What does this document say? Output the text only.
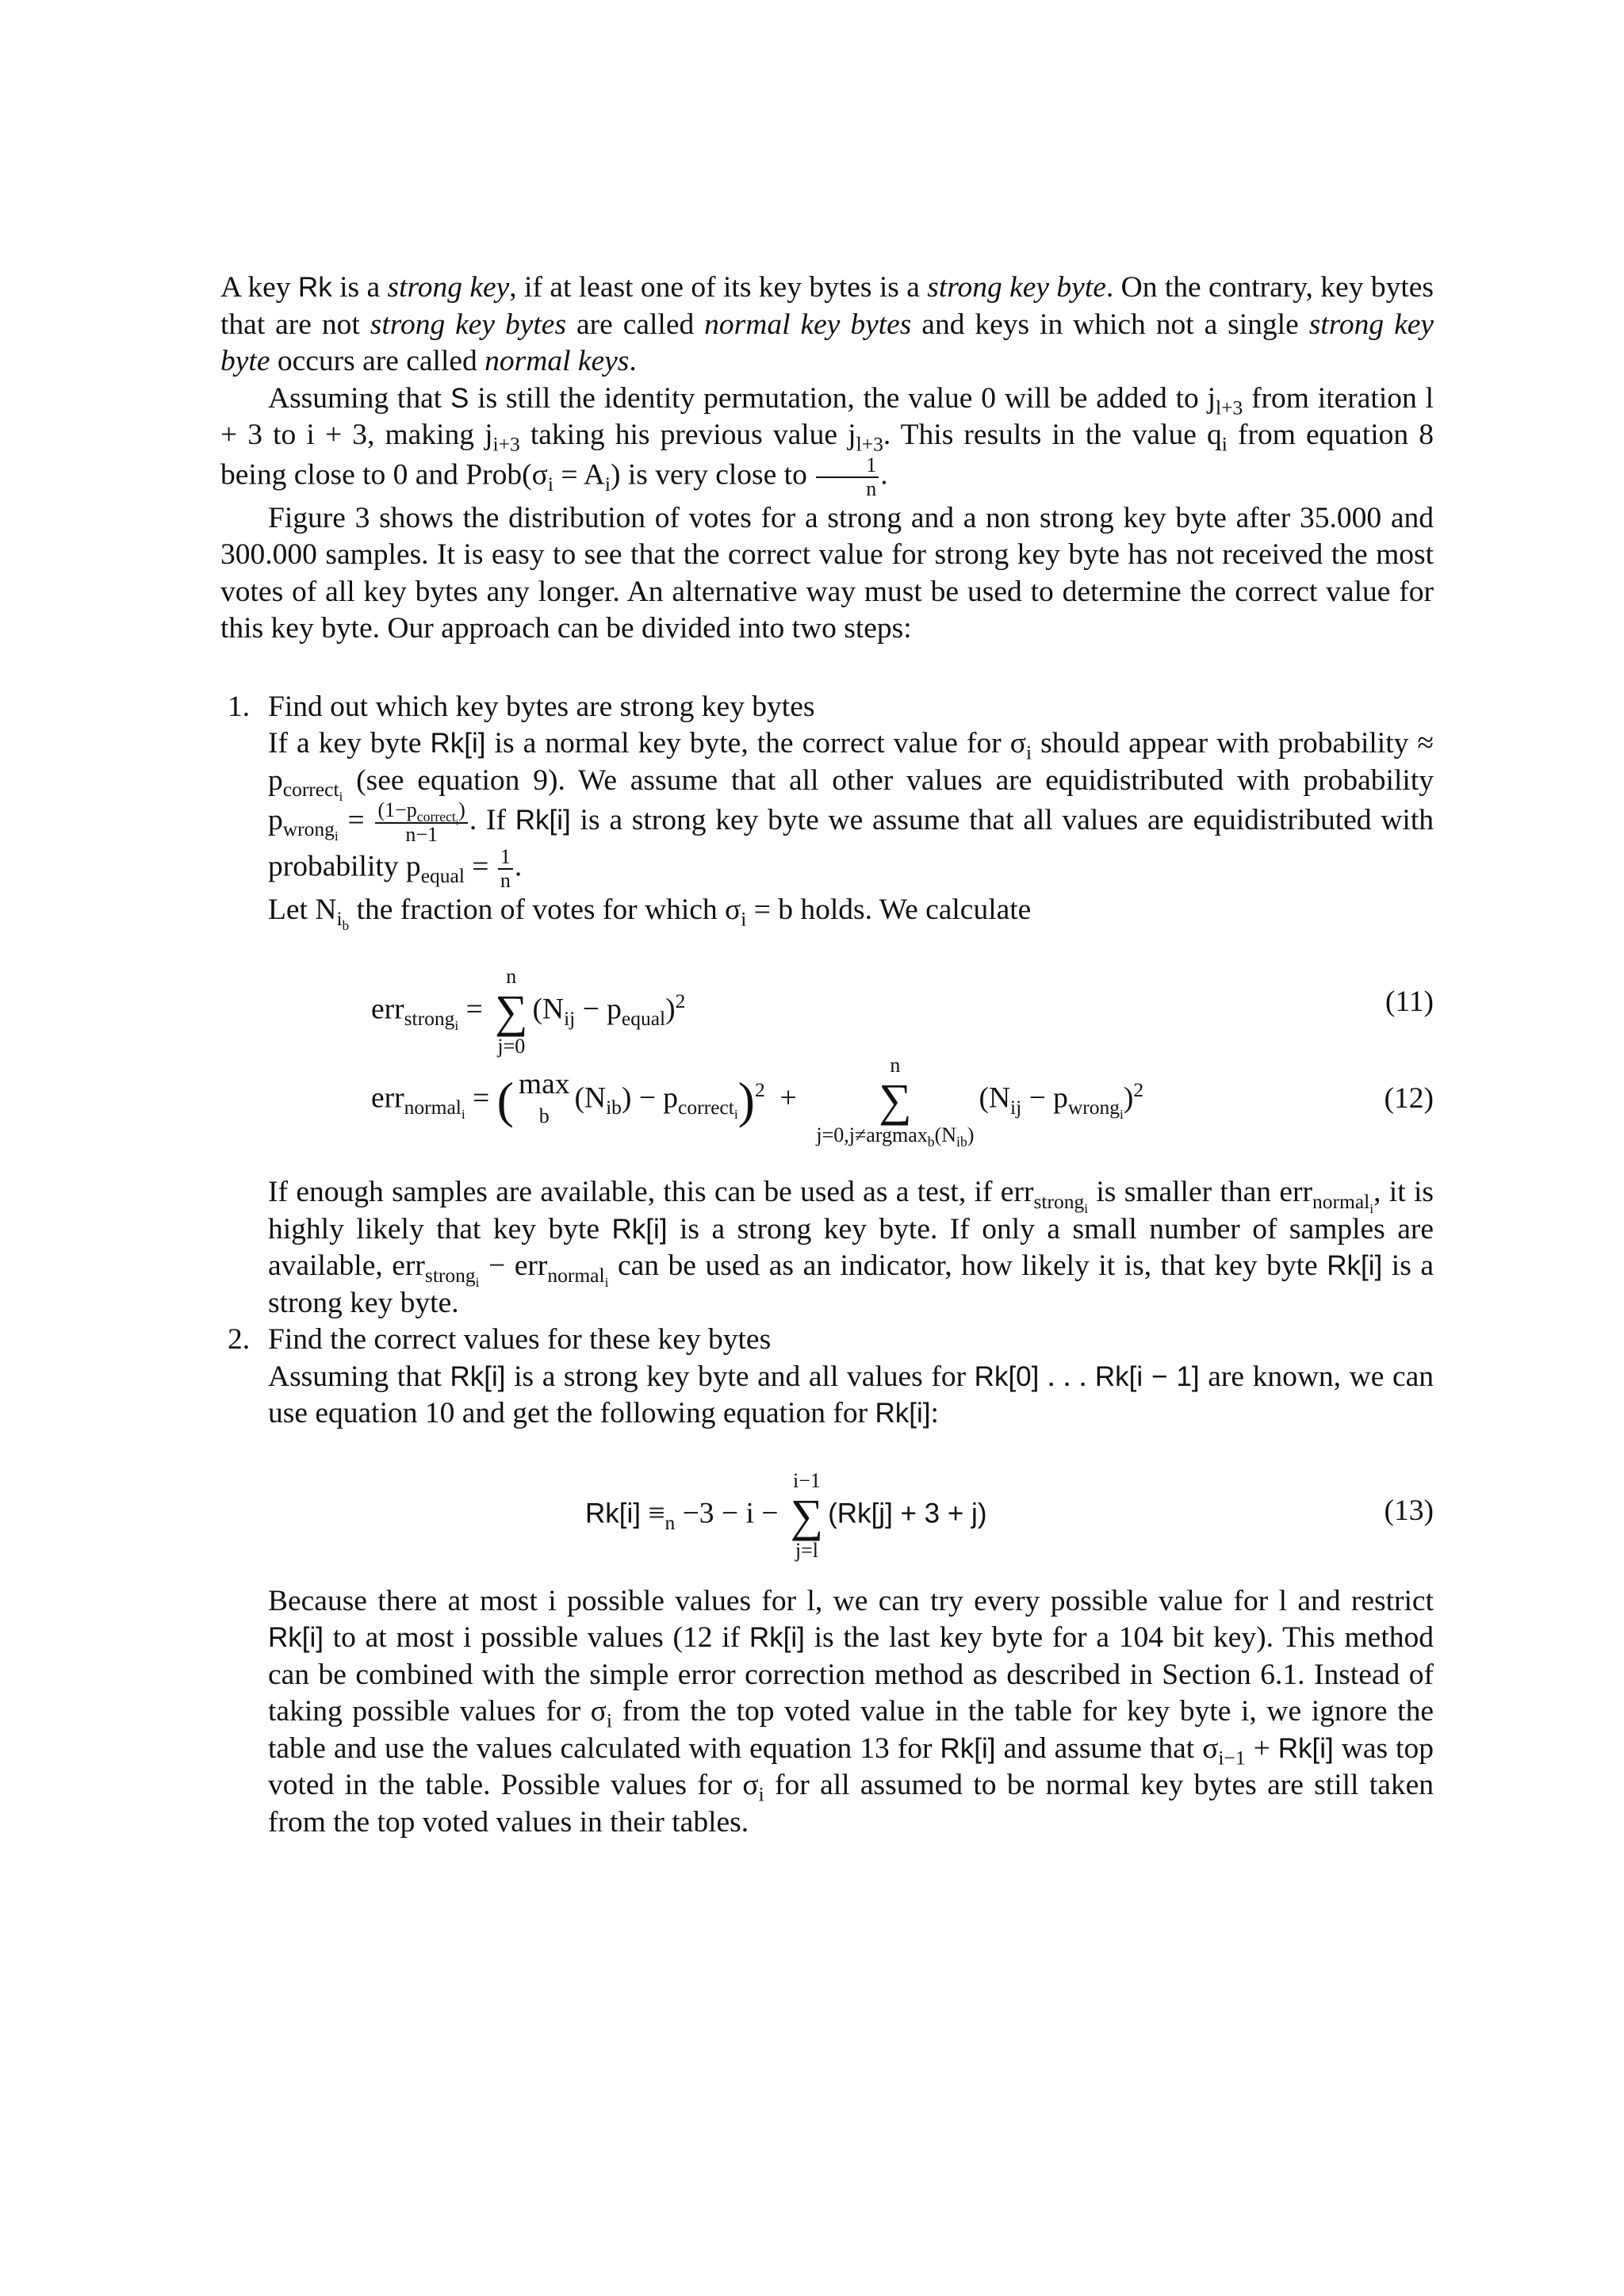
A key Rk is a strong key, if at least one of its key bytes is a strong key byte. On the contrary, key bytes that are not strong key bytes are called normal key bytes and keys in which not a single strong key byte occurs are called normal keys.

Assuming that S is still the identity permutation, the value 0 will be added to $j_{l+3}$ from iteration l + 3 to i + 3, making $j_{i+3}$ taking his previous value $j_{l+3}$. This results in the value $q_i$ from equation 8 being close to 0 and $Prob(\sigma_i = A_i)$ is very close to $\frac{1}{n}$ .

Figure 3 shows the distribution of votes for a strong and a non strong key byte after 35.000 and 300.000 samples. It is easy to see that the correct value for strong key byte has not received the most votes of all key bytes any longer. An alternative way must be used to determine the correct value for this key byte. Our approach can be divided into two steps:

1. Find out which key bytes are strong key bytes

If a key byte Rk[i] is a normal key byte, the correct value for $\sigma_i$ should appear with probability ≈ $p_{correct_i}$ (see equation 9). We assume that all other values are equidistributed with probability $p_{wrong_i} = \frac{(1-p_{correct_i})}{n-1}$ . If Rk[i] is a strong key byte we assume that all values are equidistributed with probability $p_{equal} = \frac{1}{n}$ .

Let $N_{i_b}$ the fraction of votes for which $\sigma_i = b$ holds. We calculate

err$_{strong_i}$ =
n
∑
j=0
$(N_{ij} - p_{equal})^2$	(11)
err$_{normal_i}$ = ( max
b
$(N_{ib}) - p_{correct_i})^2$ +
n
∑
$j=0,j\ne argmax_b(N_{ib})$
$(N_{ij} - p_{wrong_i})^2$	(12)

If enough samples are available, this can be used as a test, if err$_{strong_i}$ is smaller than err$_{normal_i}$, it is highly likely that key byte Rk[i] is a strong key byte. If only a small number of samples are available, err$_{strong_i}$ − err$_{normal_i}$ can be used as an indicator, how likely it is, that key byte Rk[i] is a strong key byte.

2. Find the correct values for these key bytes

Assuming that Rk[i] is a strong key byte and all values for Rk[0] . . . Rk[i − 1] are known, we can use equation 10 and get the following equation for Rk[i]:

$Rk[i] \equiv_n -3 - i$ −
i−1
∑
j=l
(Rk[j] + 3 + j)	(13)

Because there at most i possible values for l, we can try every possible value for l and restrict Rk[i] to at most i possible values (12 if Rk[i] is the last key byte for a 104 bit key). This method can be combined with the simple error correction method as described in Section 6.1. Instead of taking possible values for $\sigma_i$ from the top voted value in the table for key byte i, we ignore the table and use the values calculated with equation 13 for Rk[i] and assume that $\sigma_{i-1} + Rk[i]$ was top voted in the table. Possible values for $\sigma_i$ for all assumed to be normal key bytes are still taken from the top voted values in their tables.
